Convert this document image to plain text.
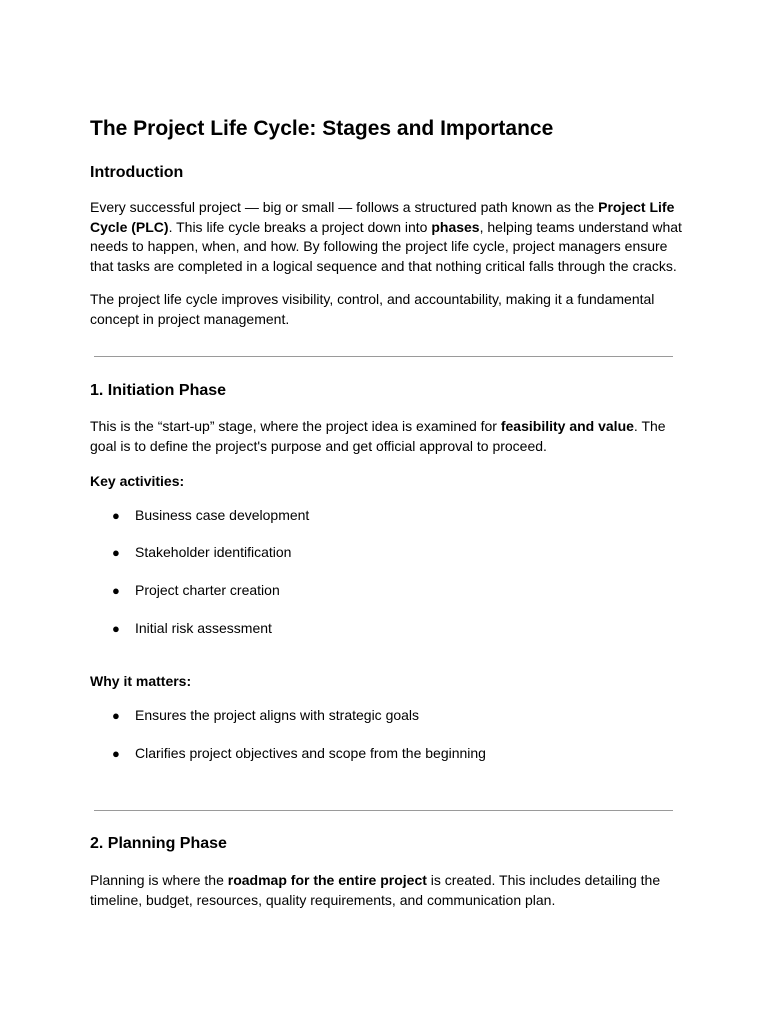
The Project Life Cycle: Stages and Importance
Introduction

Every successful project — big or small — follows a structured path known as the Project Life Cycle (PLC). This life cycle breaks a project down into phases, helping teams understand what needs to happen, when, and how. By following the project life cycle, project managers ensure that tasks are completed in a logical sequence and that nothing critical falls through the cracks.

The project life cycle improves visibility, control, and accountability, making it a fundamental concept in project management.

1. Initiation Phase

This is the “start-up” stage, where the project idea is examined for feasibility and value. The goal is to define the project's purpose and get official approval to proceed.

Key activities:

● Business case development
● Stakeholder identification
● Project charter creation
● Initial risk assessment

Why it matters:

● Ensures the project aligns with strategic goals
● Clarifies project objectives and scope from the beginning
2. Planning Phase

Planning is where the roadmap for the entire project is created. This includes detailing the timeline, budget, resources, quality requirements, and communication plan.
